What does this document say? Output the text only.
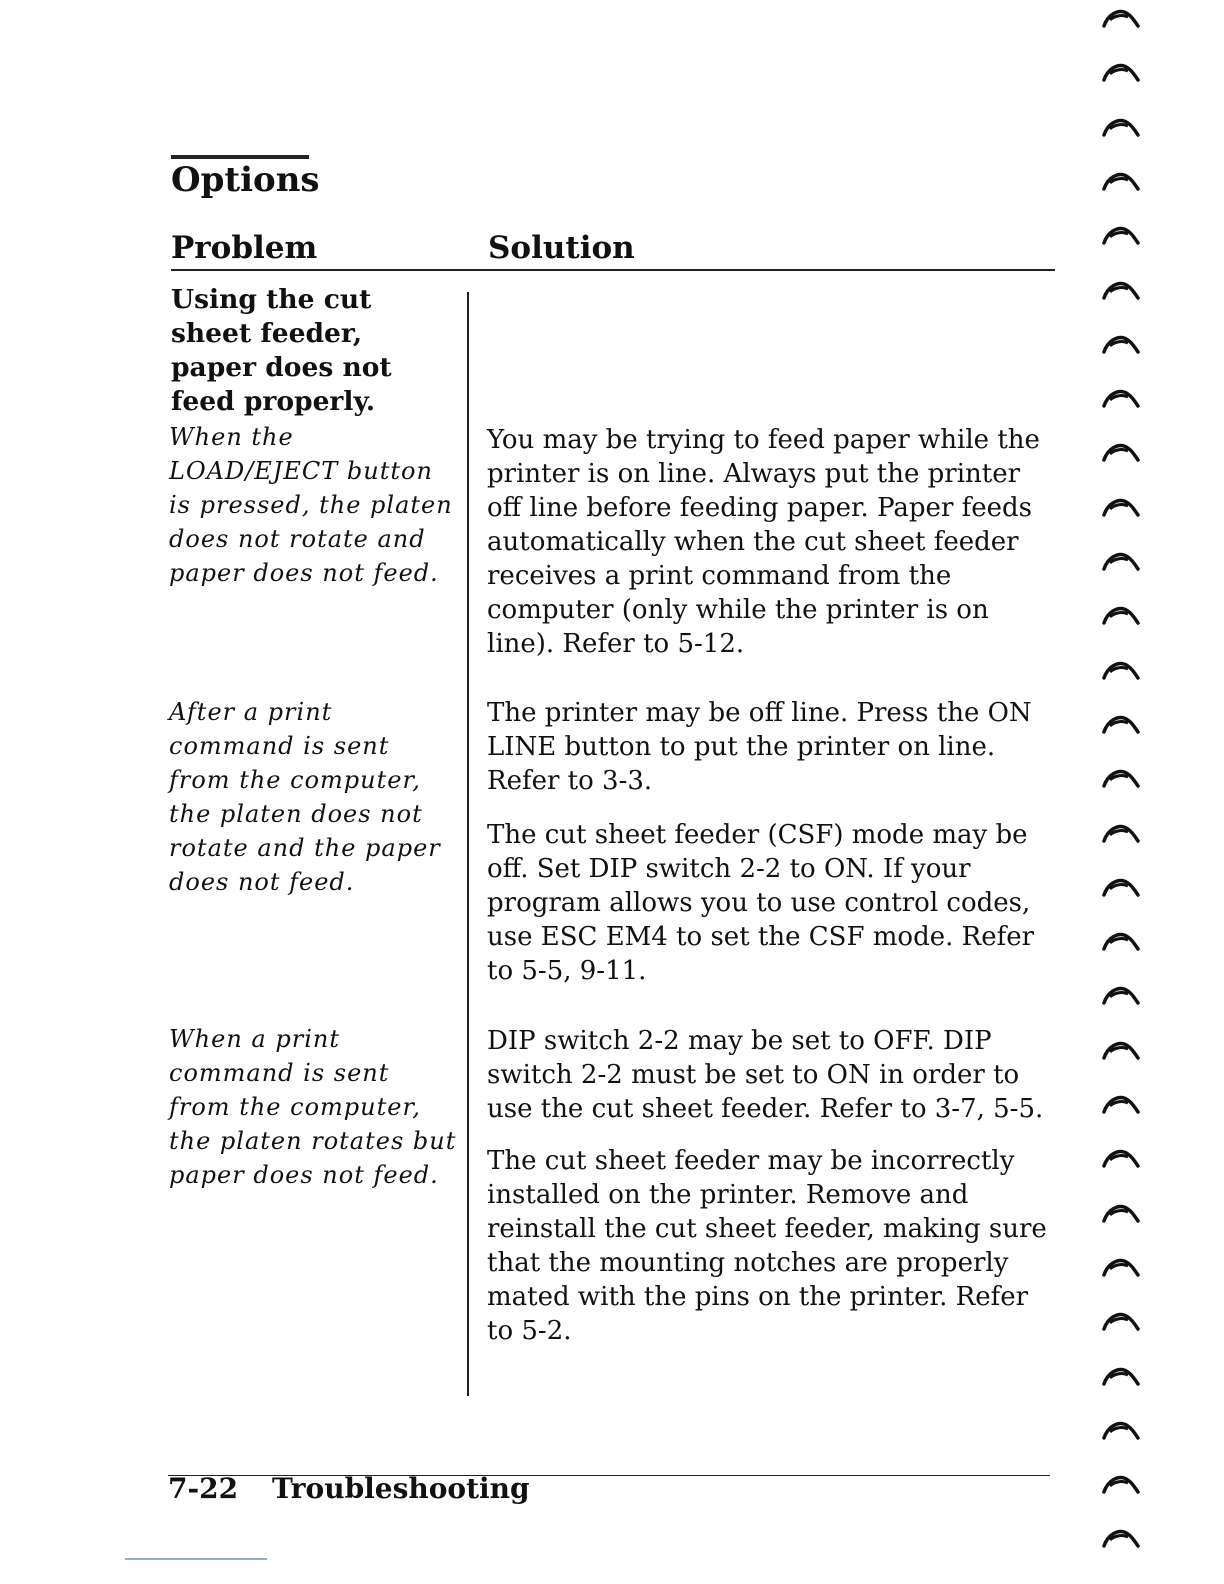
Options
Problem	Solution

Using the cut sheet feeder, paper does not feed properly.

When the LOAD/EJECT button is pressed, the platen does not rotate and paper does not feed.

After a print command is sent from the computer, the platen does not rotate and the paper does not feed.

When a print command is sent from the computer, the platen rotates but paper does not feed.

You may be trying to feed paper while the printer is on line. Always put the printer off line before feeding paper. Paper feeds automatically when the cut sheet feeder receives a print command from the computer (only while the printer is on line). Refer to 5-12.

The printer may be off line. Press the ON LINE button to put the printer on line. Refer to 3-3.

The cut sheet feeder (CSF) mode may be off. Set DIP switch 2-2 to ON. If your program allows you to use control codes, use ESC EM4 to set the CSF mode. Refer to 5-5, 9-11.

DIP switch 2-2 may be set to OFF. DIP switch 2-2 must be set to ON in order to use the cut sheet feeder. Refer to 3-7, 5-5.

The cut sheet feeder may be incorrectly installed on the printer. Remove and reinstall the cut sheet feeder, making sure that the mounting notches are properly mated with the pins on the printer. Refer to 5-2.

7-22 Troubleshooting
